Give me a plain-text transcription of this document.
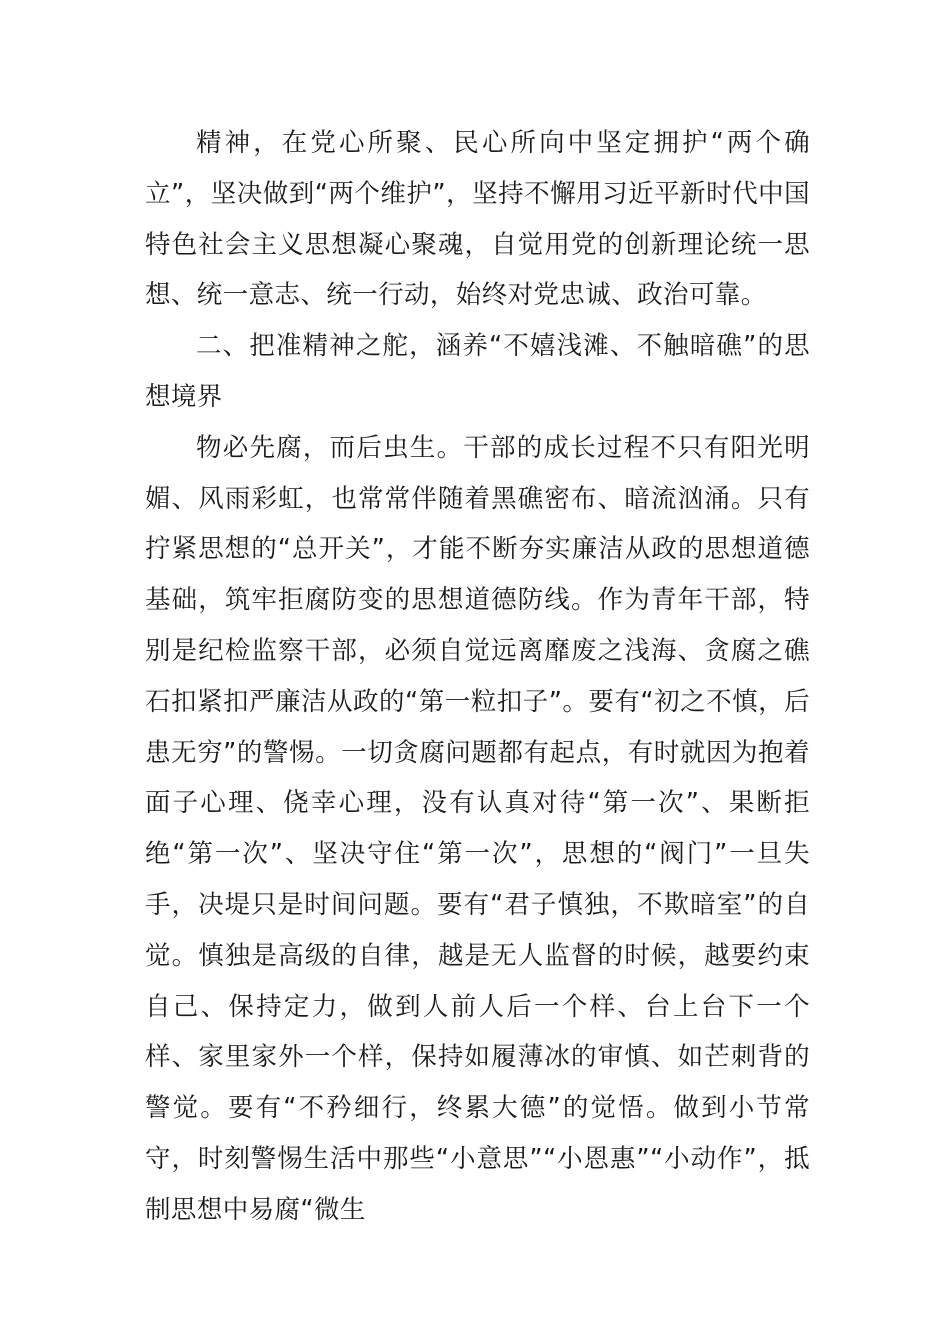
精神，在党心所聚、民心所向中坚定拥护“两个确立”，坚决做到“两个维护”，坚持不懈用习近平新时代中国特色社会主义思想凝心聚魂，自觉用党的创新理论统一思想、统一意志、统一行动，始终对党忠诚、政治可靠。

二、把准精神之舵，涵养“不嬉浅滩、不触暗礁”的思想境界

物必先腐，而后虫生。干部的成长过程不只有阳光明媚、风雨彩虹，也常常伴随着黑礁密布、暗流汹涌。只有拧紧思想的“总开关”，才能不断夯实廉洁从政的思想道德基础，筑牢拒腐防变的思想道德防线。作为青年干部，特别是纪检监察干部，必须自觉远离靡废之浅海、贪腐之礁石扣紧扣严廉洁从政的“第一粒扣子”。要有“初之不慎，后患无穷”的警惕。一切贪腐问题都有起点，有时就因为抱着面子心理、侥幸心理，没有认真对待“第一次”、果断拒绝“第一次”、坚决守住“第一次”，思想的“阀门”一旦失手，决堤只是时间问题。要有“君子慎独，不欺暗室”的自觉。慎独是高级的自律，越是无人监督的时候，越要约束自己、保持定力，做到人前人后一个样、台上台下一个样、家里家外一个样，保持如履薄冰的审慎、如芒刺背的警觉。要有“不矜细行，终累大德”的觉悟。做到小节常守，时刻警惕生活中那些“小意思”“小恩惠”“小动作”，抵制思想中易腐“微生
